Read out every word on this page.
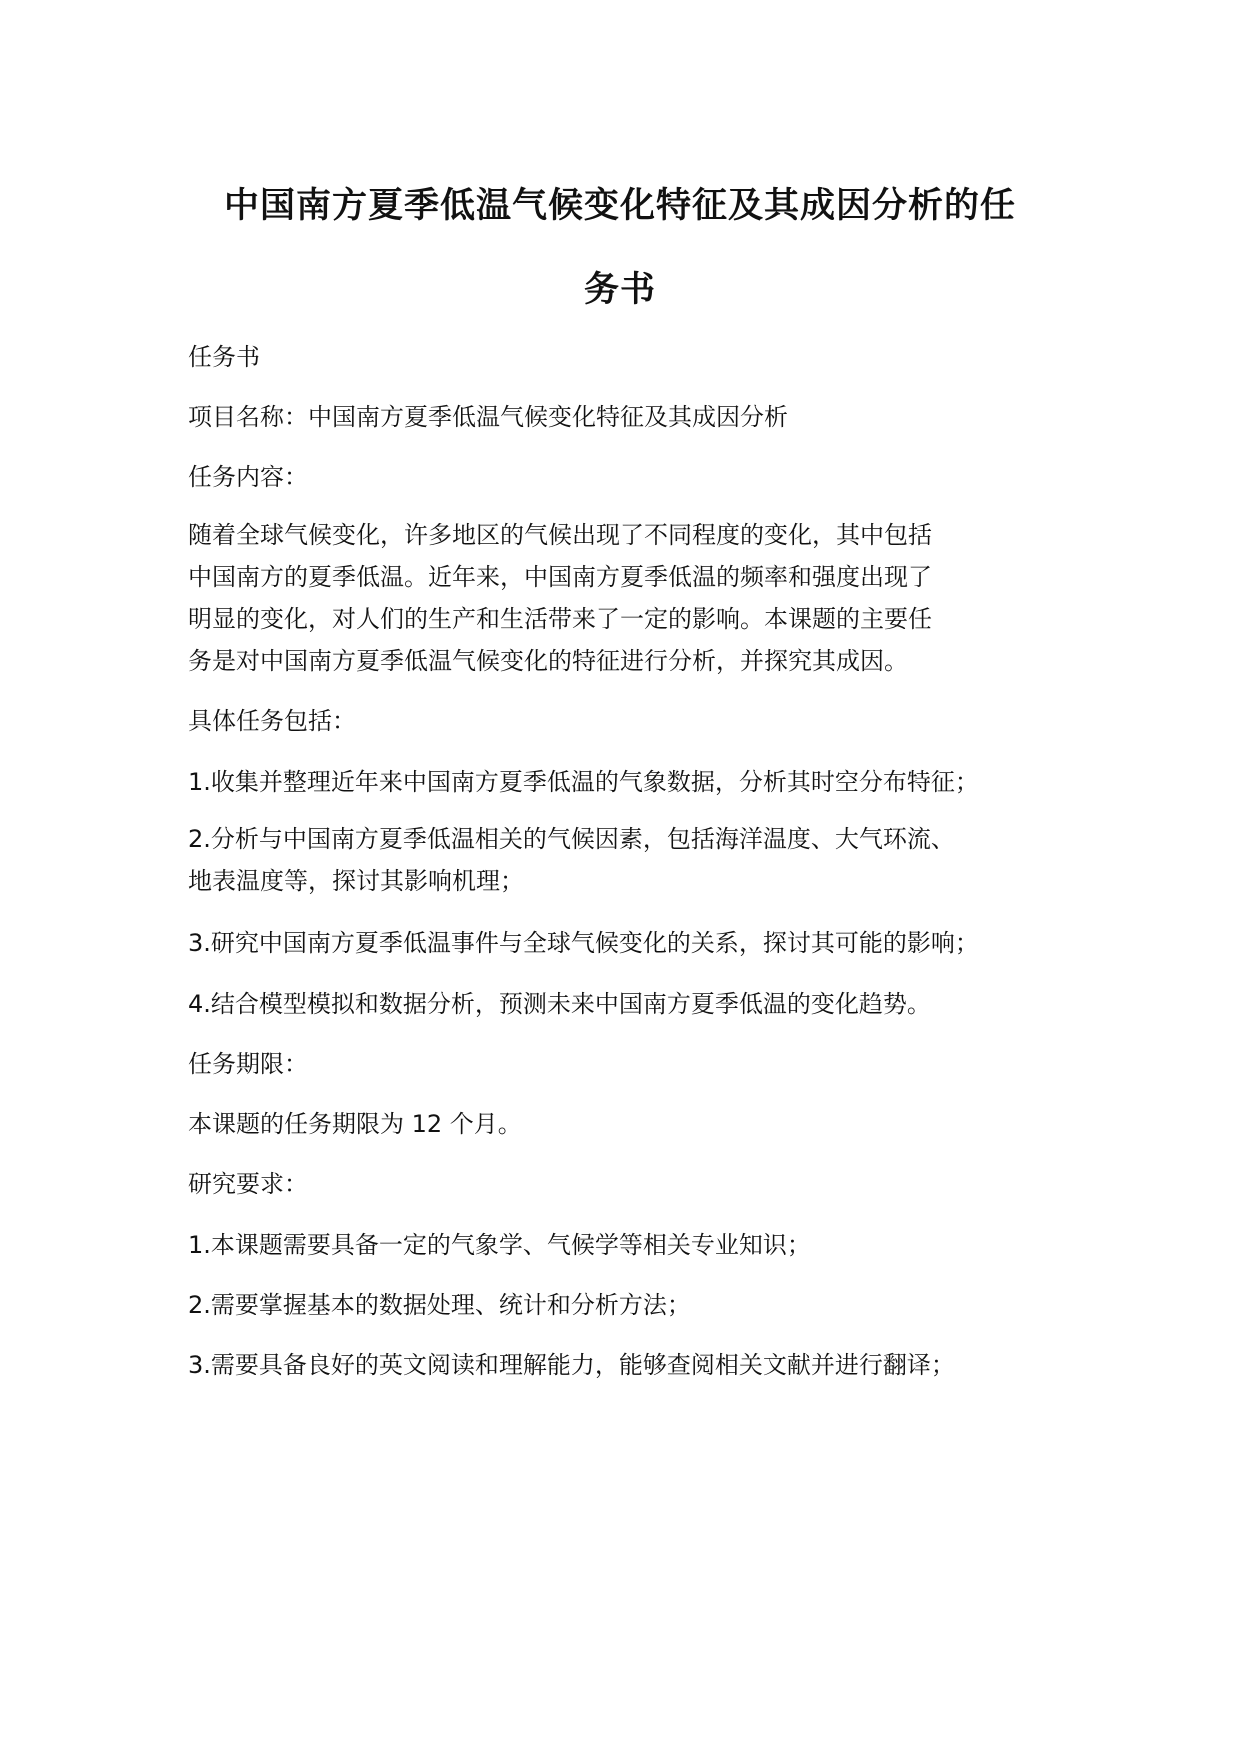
中国南方夏季低温气候变化特征及其成因分析的任
务书
任务书
项目名称：中国南方夏季低温气候变化特征及其成因分析
任务内容：
随着全球气候变化，许多地区的气候出现了不同程度的变化，其中包括
中国南方的夏季低温。近年来，中国南方夏季低温的频率和强度出现了
明显的变化，对人们的生产和生活带来了一定的影响。本课题的主要任
务是对中国南方夏季低温气候变化的特征进行分析，并探究其成因。
具体任务包括：
1.收集并整理近年来中国南方夏季低温的气象数据，分析其时空分布特征；
2.分析与中国南方夏季低温相关的气候因素，包括海洋温度、大气环流、
地表温度等，探讨其影响机理；
3.研究中国南方夏季低温事件与全球气候变化的关系，探讨其可能的影响；
4.结合模型模拟和数据分析，预测未来中国南方夏季低温的变化趋势。
任务期限：
本课题的任务期限为 12 个月。
研究要求：
1.本课题需要具备一定的气象学、气候学等相关专业知识；
2.需要掌握基本的数据处理、统计和分析方法；
3.需要具备良好的英文阅读和理解能力，能够查阅相关文献并进行翻译；
